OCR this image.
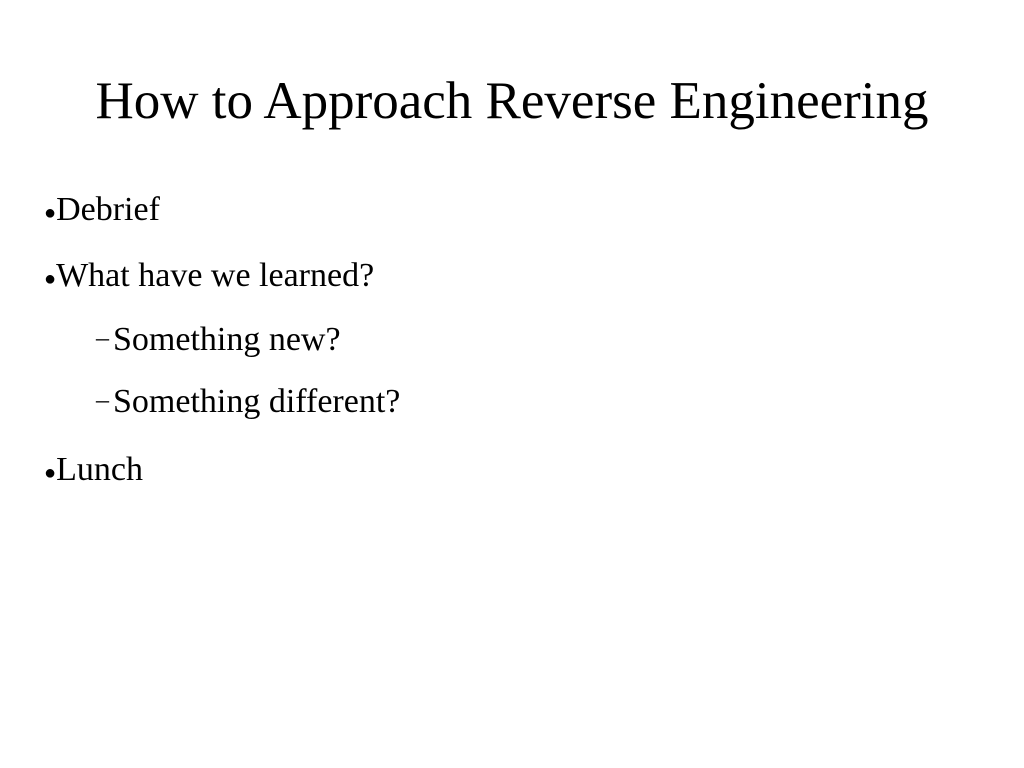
How to Approach Reverse Engineering
●Debrief
●What have we learned?
– Something new?
– Something different?
●Lunch
